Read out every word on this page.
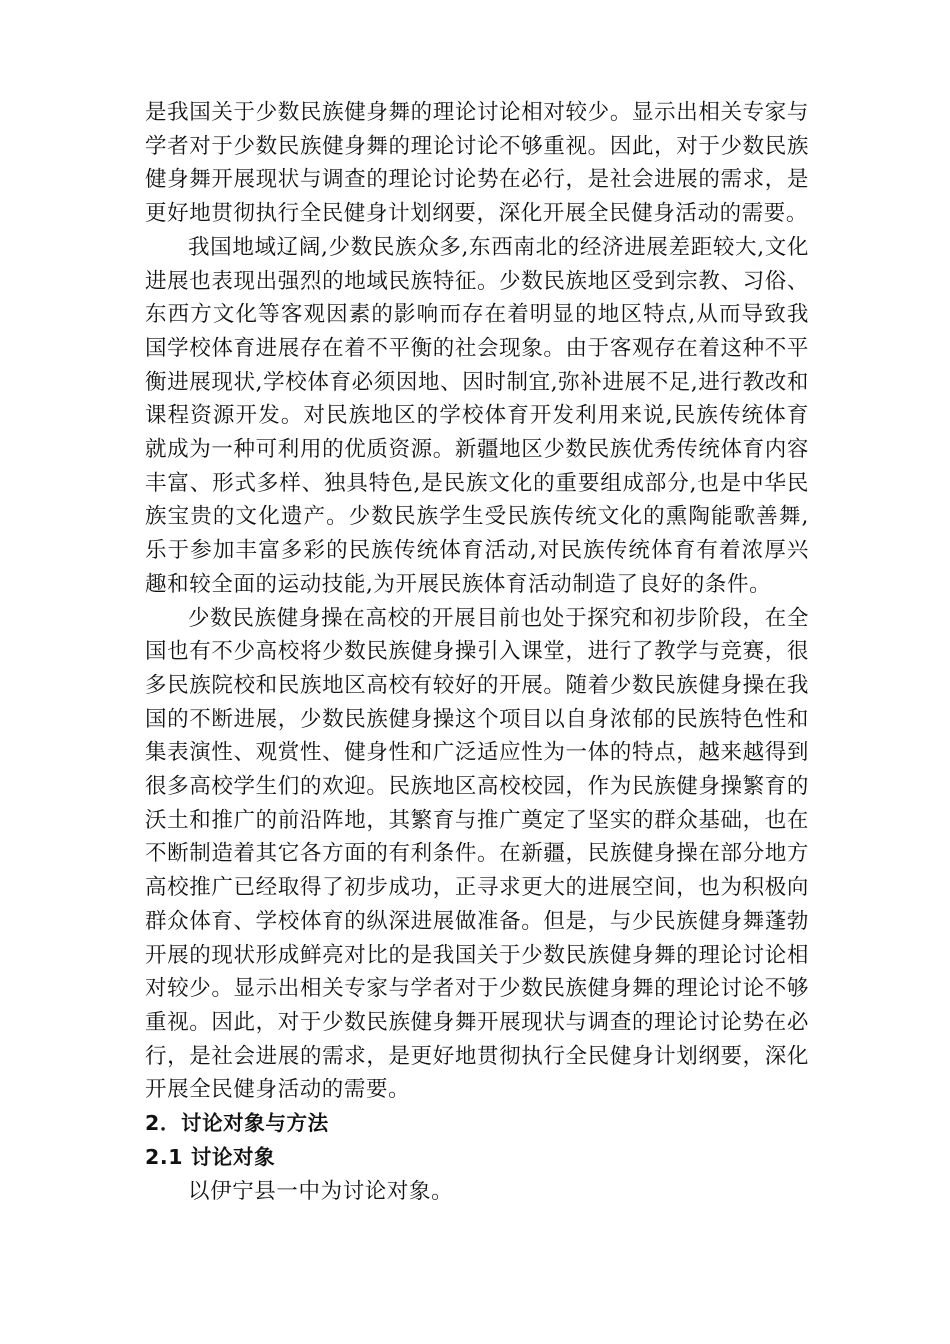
是我国关于少数民族健身舞的理论讨论相对较少。显示出相关专家与学者对于少数民族健身舞的理论讨论不够重视。因此，对于少数民族健身舞开展现状与调查的理论讨论势在必行，是社会进展的需求，是更好地贯彻执行全民健身计划纲要，深化开展全民健身活动的需要。

我国地域辽阔,少数民族众多,东西南北的经济进展差距较大,文化进展也表现出强烈的地域民族特征。少数民族地区受到宗教、习俗、东西方文化等客观因素的影响而存在着明显的地区特点,从而导致我国学校体育进展存在着不平衡的社会现象。由于客观存在着这种不平衡进展现状,学校体育必须因地、因时制宜,弥补进展不足,进行教改和课程资源开发。对民族地区的学校体育开发利用来说,民族传统体育就成为一种可利用的优质资源。新疆地区少数民族优秀传统体育内容丰富、形式多样、独具特色,是民族文化的重要组成部分,也是中华民族宝贵的文化遗产。少数民族学生受民族传统文化的熏陶能歌善舞,乐于参加丰富多彩的民族传统体育活动,对民族传统体育有着浓厚兴趣和较全面的运动技能,为开展民族体育活动制造了良好的条件。

少数民族健身操在高校的开展目前也处于探究和初步阶段，在全国也有不少高校将少数民族健身操引入课堂，进行了教学与竞赛，很多民族院校和民族地区高校有较好的开展。随着少数民族健身操在我国的不断进展，少数民族健身操这个项目以自身浓郁的民族特色性和集表演性、观赏性、健身性和广泛适应性为一体的特点，越来越得到很多高校学生们的欢迎。民族地区高校校园，作为民族健身操繁育的沃土和推广的前沿阵地，其繁育与推广奠定了坚实的群众基础，也在不断制造着其它各方面的有利条件。在新疆，民族健身操在部分地方高校推广已经取得了初步成功，正寻求更大的进展空间，也为积极向群众体育、学校体育的纵深进展做准备。但是，与少民族健身舞蓬勃开展的现状形成鲜亮对比的是我国关于少数民族健身舞的理论讨论相对较少。显示出相关专家与学者对于少数民族健身舞的理论讨论不够重视。因此，对于少数民族健身舞开展现状与调查的理论讨论势在必行，是社会进展的需求，是更好地贯彻执行全民健身计划纲要，深化开展全民健身活动的需要。

2．讨论对象与方法
2.1 讨论对象

以伊宁县一中为讨论对象。
